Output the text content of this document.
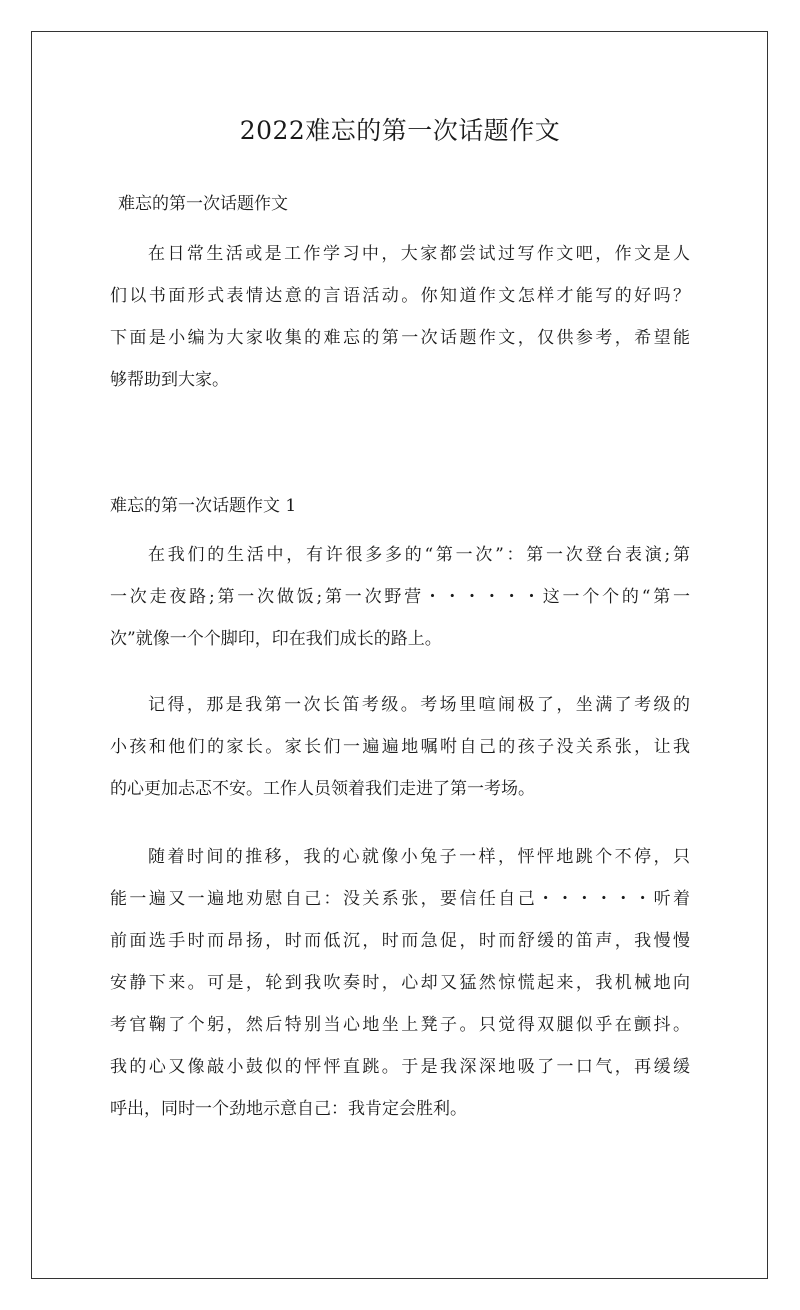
2022难忘的第一次话题作文
难忘的第一次话题作文
在日常生活或是工作学习中，大家都尝试过写作文吧，作文是人
们以书面形式表情达意的言语活动。你知道作文怎样才能写的好吗？
下面是小编为大家收集的难忘的第一次话题作文，仅供参考，希望能
够帮助到大家。
难忘的第一次话题作文 1
在我们的生活中，有许很多多的“第一次”：第一次登台表演;第
一次走夜路;第一次做饭;第一次野营・・・・・・这一个个的“第一
次”就像一个个脚印，印在我们成长的路上。
记得，那是我第一次长笛考级。考场里喧闹极了，坐满了考级的
小孩和他们的家长。家长们一遍遍地嘱咐自己的孩子没关系张，让我
的心更加忐忑不安。工作人员领着我们走进了第一考场。
随着时间的推移，我的心就像小兔子一样，怦怦地跳个不停，只
能一遍又一遍地劝慰自己：没关系张，要信任自己・・・・・・听着
前面选手时而昂扬，时而低沉，时而急促，时而舒缓的笛声，我慢慢
安静下来。可是，轮到我吹奏时，心却又猛然惊慌起来，我机械地向
考官鞠了个躬，然后特别当心地坐上凳子。只觉得双腿似乎在颤抖。
我的心又像敲小鼓似的怦怦直跳。于是我深深地吸了一口气，再缓缓
呼出，同时一个劲地示意自己：我肯定会胜利。
